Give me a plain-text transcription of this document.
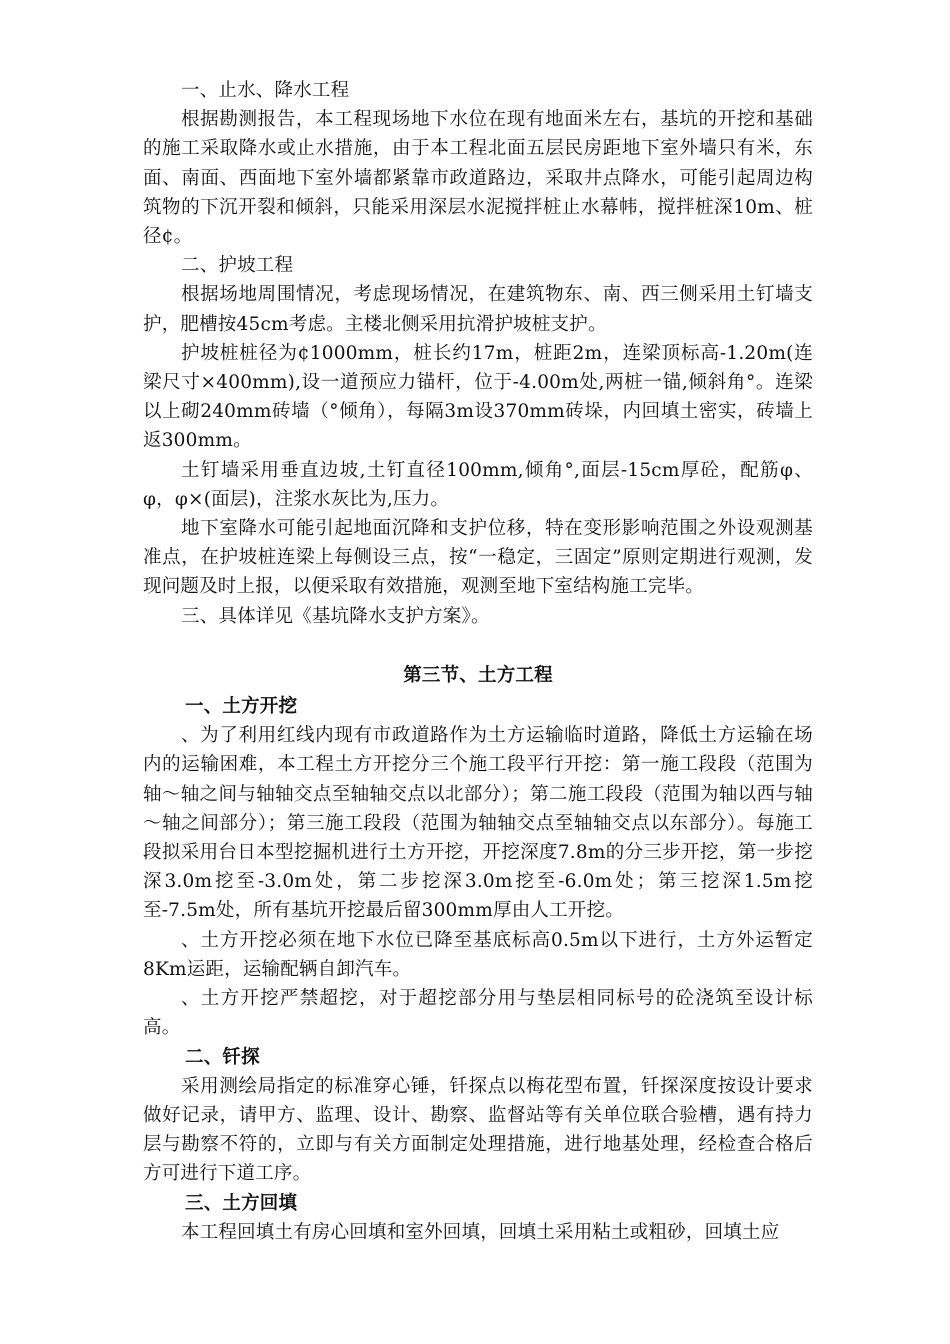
一、止水、降水工程

根据勘测报告，本工程现场地下水位在现有地面米左右，基坑的开挖和基础的施工采取降水或止水措施，由于本工程北面五层民房距地下室外墙只有米，东面、南面、西面地下室外墙都紧靠市政道路边，采取井点降水，可能引起周边构筑物的下沉开裂和倾斜，只能采用深层水泥搅拌桩止水幕帏，搅拌桩深10m、桩径¢。

二、护坡工程

根据场地周围情况，考虑现场情况，在建筑物东、南、西三侧采用土钉墙支护，肥槽按45cm考虑。主楼北侧采用抗滑护坡桩支护。

护坡桩桩径为¢1000mm，桩长约17m，桩距2m，连梁顶标高-1.20m(连梁尺寸×400mm),设一道预应力锚杆，位于-4.00m处,两桩一锚,倾斜角°。连梁以上砌240mm砖墙（°倾角），每隔3m设370mm砖垛，内回填土密实，砖墙上返300mm。

土钉墙采用垂直边坡,土钉直径100mm,倾角°,面层-15cm厚砼，配筋φ、φ，φ×(面层)，注浆水灰比为,压力。

地下室降水可能引起地面沉降和支护位移，特在变形影响范围之外设观测基准点，在护坡桩连梁上每侧设三点，按“一稳定，三固定”原则定期进行观测，发现问题及时上报，以便采取有效措施，观测至地下室结构施工完毕。

三、具体详见《基坑降水支护方案》。

第三节、土方工程

一、土方开挖

、为了利用红线内现有市政道路作为土方运输临时道路，降低土方运输在场内的运输困难，本工程土方开挖分三个施工段平行开挖：第一施工段段（范围为轴～轴之间与轴轴交点至轴轴交点以北部分）；第二施工段段（范围为轴以西与轴～轴之间部分）；第三施工段段（范围为轴轴交点至轴轴交点以东部分）。每施工段拟采用台日本型挖掘机进行土方开挖，开挖深度7.8m的分三步开挖，第一步挖深3.0m挖至-3.0m处，第二步挖深3.0m挖至-6.0m处；第三挖深1.5m挖至-7.5m处，所有基坑开挖最后留300mm厚由人工开挖。

、土方开挖必须在地下水位已降至基底标高0.5m以下进行，土方外运暂定8Km运距，运输配辆自卸汽车。

、土方开挖严禁超挖，对于超挖部分用与垫层相同标号的砼浇筑至设计标高。

二、钎探

采用测绘局指定的标准穿心锤，钎探点以梅花型布置，钎探深度按设计要求做好记录，请甲方、监理、设计、勘察、监督站等有关单位联合验槽，遇有持力层与勘察不符的，立即与有关方面制定处理措施，进行地基处理，经检查合格后方可进行下道工序。

三、土方回填

本工程回填土有房心回填和室外回填，回填土采用粘土或粗砂，回填土应
